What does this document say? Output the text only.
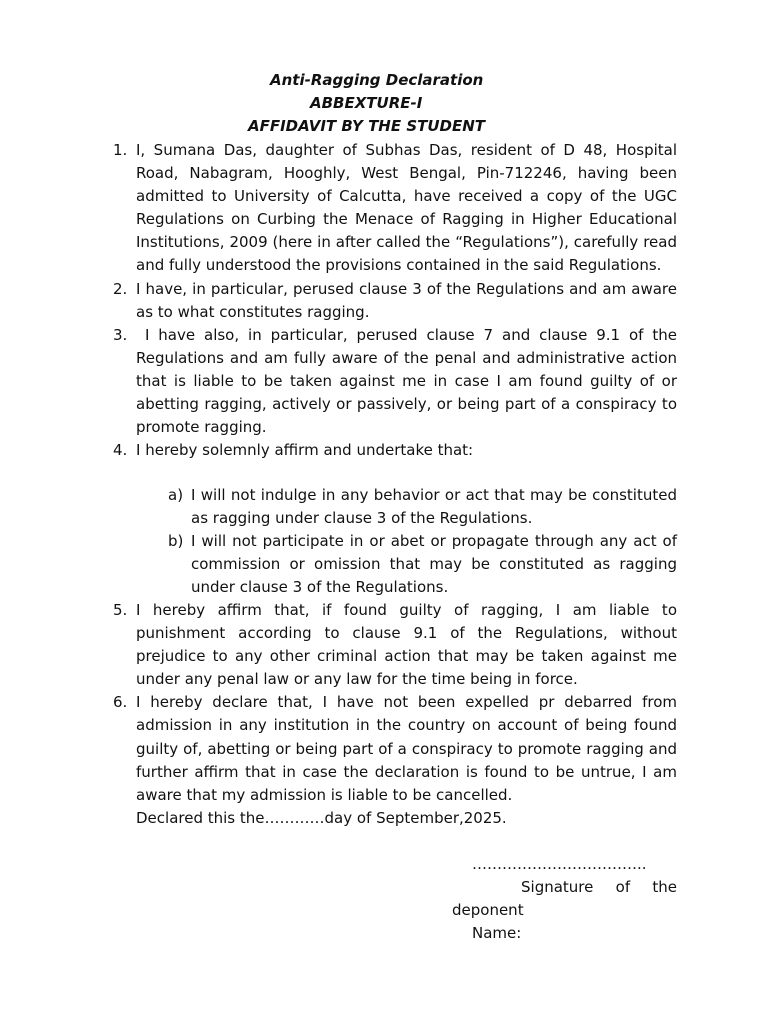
Anti-Ragging Declaration
ABBEXTURE-I
AFFIDAVIT BY THE STUDENT
1. I, Sumana Das, daughter of Subhas Das, resident of D 48, Hospital Road, Nabagram, Hooghly, West Bengal, Pin-712246, having been admitted to University of Calcutta, have received a copy of the UGC Regulations on Curbing the Menace of Ragging in Higher Educational Institutions, 2009 (here in after called the “Regulations”), carefully read and fully understood the provisions contained in the said Regulations.
2. I have, in particular, perused clause 3 of the Regulations and am aware as to what constitutes ragging.
3. I have also, in particular, perused clause 7 and clause 9.1 of the Regulations and am fully aware of the penal and administrative action that is liable to be taken against me in case I am found guilty of or abetting ragging, actively or passively, or being part of a conspiracy to promote ragging.
4. I hereby solemnly affirm and undertake that:
a) I will not indulge in any behavior or act that may be constituted as ragging under clause 3 of the Regulations.
b) I will not participate in or abet or propagate through any act of commission or omission that may be constituted as ragging under clause 3 of the Regulations.
5. I hereby affirm that, if found guilty of ragging, I am liable to punishment according to clause 9.1 of the Regulations, without prejudice to any other criminal action that may be taken against me under any penal law or any law for the time being in force.
6. I hereby declare that, I have not been expelled pr debarred from admission in any institution in the country on account of being found guilty of, abetting or being part of a conspiracy to promote ragging and further affirm that in case the declaration is found to be untrue, I am aware that my admission is liable to be cancelled.
Declared this the…………day of September,2025.
……………………………..
Signature of the
deponent
Name:
